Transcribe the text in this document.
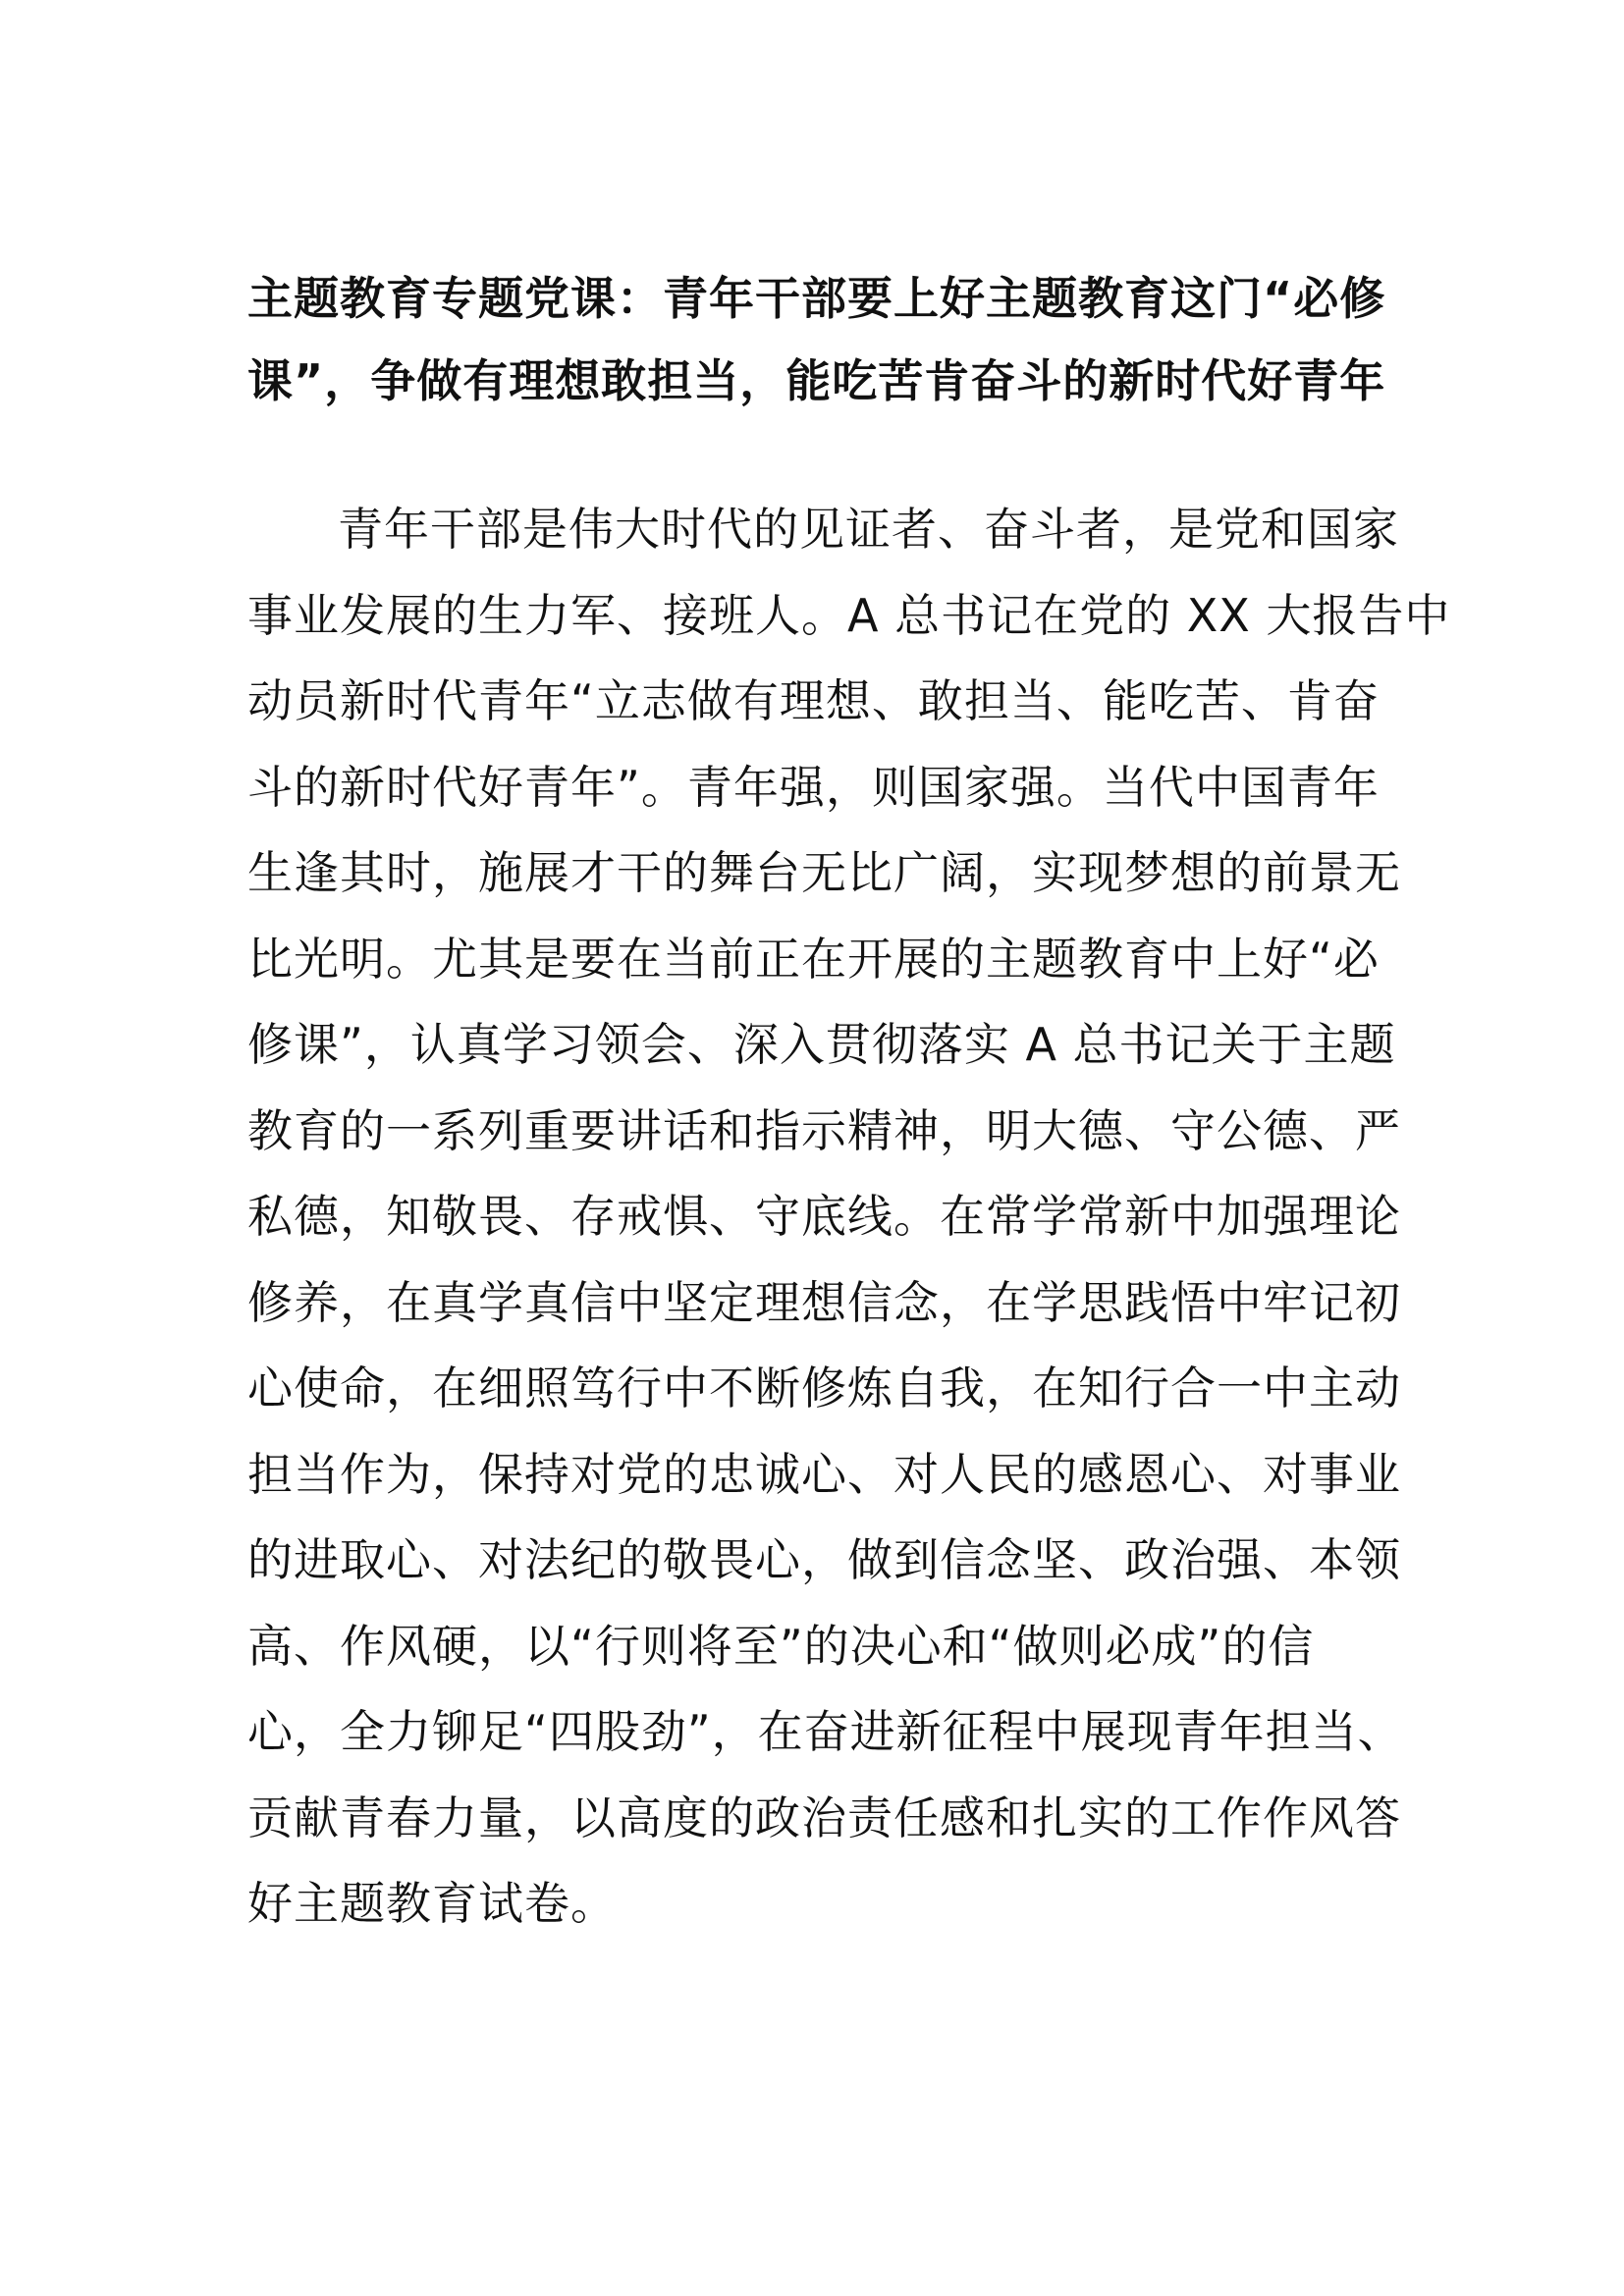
主题教育专题党课：青年干部要上好主题教育这门“必修
课”，争做有理想敢担当，能吃苦肯奋斗的新时代好青年
青年干部是伟大时代的见证者、奋斗者，是党和国家
事业发展的生力军、接班人。A 总书记在党的 XX 大报告中
动员新时代青年“立志做有理想、敢担当、能吃苦、肯奋
斗的新时代好青年”。青年强，则国家强。当代中国青年
生逢其时，施展才干的舞台无比广阔，实现梦想的前景无
比光明。尤其是要在当前正在开展的主题教育中上好“必
修课”，认真学习领会、深入贯彻落实 A 总书记关于主题
教育的一系列重要讲话和指示精神，明大德、守公德、严
私德，知敬畏、存戒惧、守底线。在常学常新中加强理论
修养，在真学真信中坚定理想信念，在学思践悟中牢记初
心使命，在细照笃行中不断修炼自我，在知行合一中主动
担当作为，保持对党的忠诚心、对人民的感恩心、对事业
的进取心、对法纪的敬畏心，做到信念坚、政治强、本领
高、作风硬，以“行则将至”的决心和“做则必成”的信
心，全力铆足“四股劲”，在奋进新征程中展现青年担当、
贡献青春力量，以高度的政治责任感和扎实的工作作风答
好主题教育试卷。
